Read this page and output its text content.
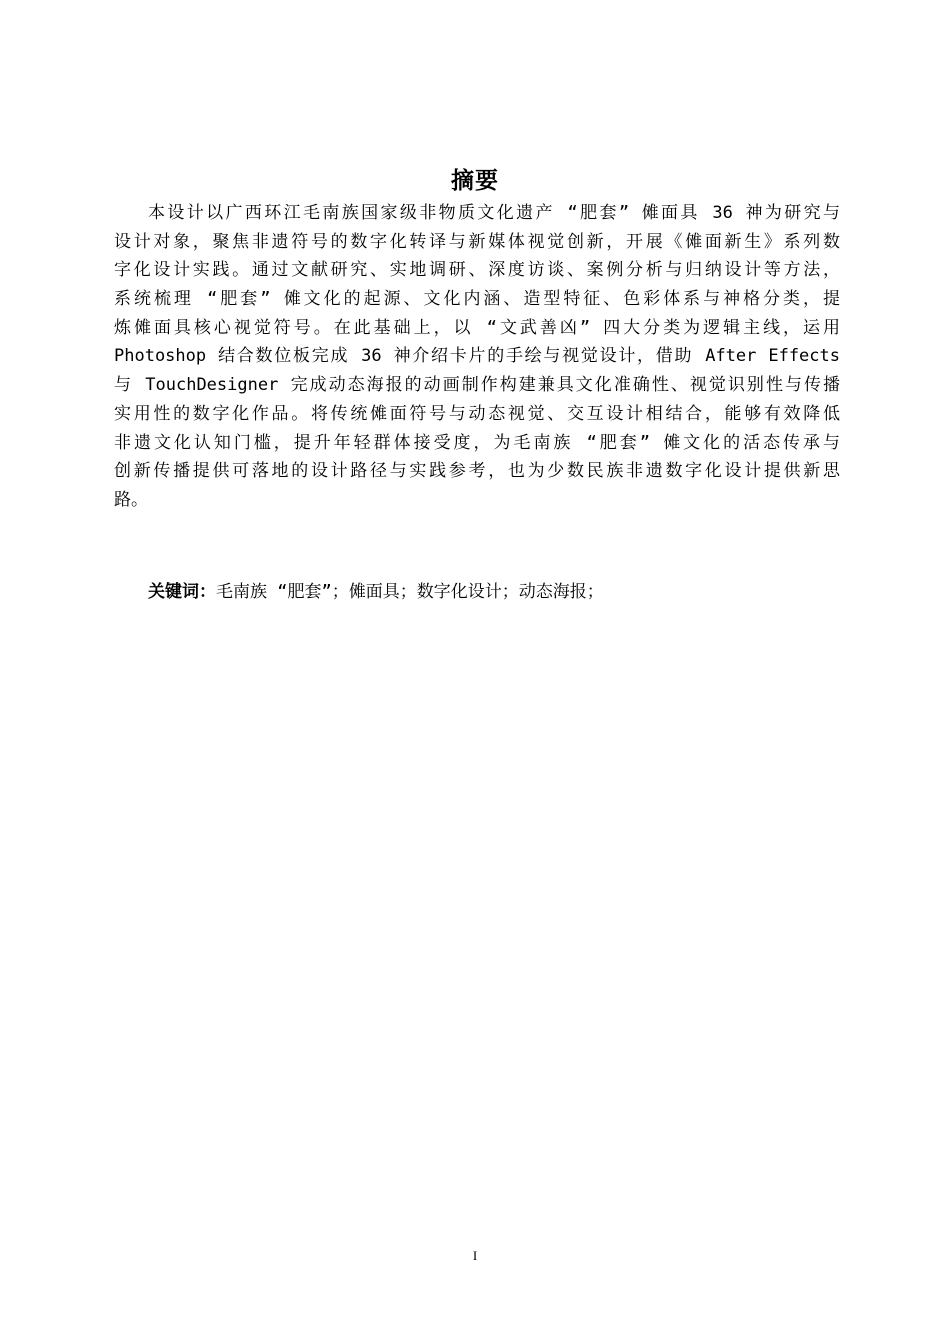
摘要
本设计以广西环江毛南族国家级非物质文化遗产 “肥套” 傩面具 36 神为研究与
设计对象，聚焦非遗符号的数字化转译与新媒体视觉创新，开展《傩面新生》系列数
字化设计实践。通过文献研究、实地调研、深度访谈、案例分析与归纳设计等方法，
系统梳理 “肥套” 傩文化的起源、文化内涵、造型特征、色彩体系与神格分类，提
炼傩面具核心视觉符号。在此基础上，以 “文武善凶” 四大分类为逻辑主线，运用
Photoshop 结合数位板完成 36 神介绍卡片的手绘与视觉设计，借助 After Effects
与 TouchDesigner 完成动态海报的动画制作构建兼具文化准确性、视觉识别性与传播
实用性的数字化作品。将传统傩面符号与动态视觉、交互设计相结合，能够有效降低
非遗文化认知门槛，提升年轻群体接受度，为毛南族 “肥套” 傩文化的活态传承与
创新传播提供可落地的设计路径与实践参考，也为少数民族非遗数字化设计提供新思
路。
关键词：毛南族 “肥套”；傩面具；数字化设计；动态海报；
I
